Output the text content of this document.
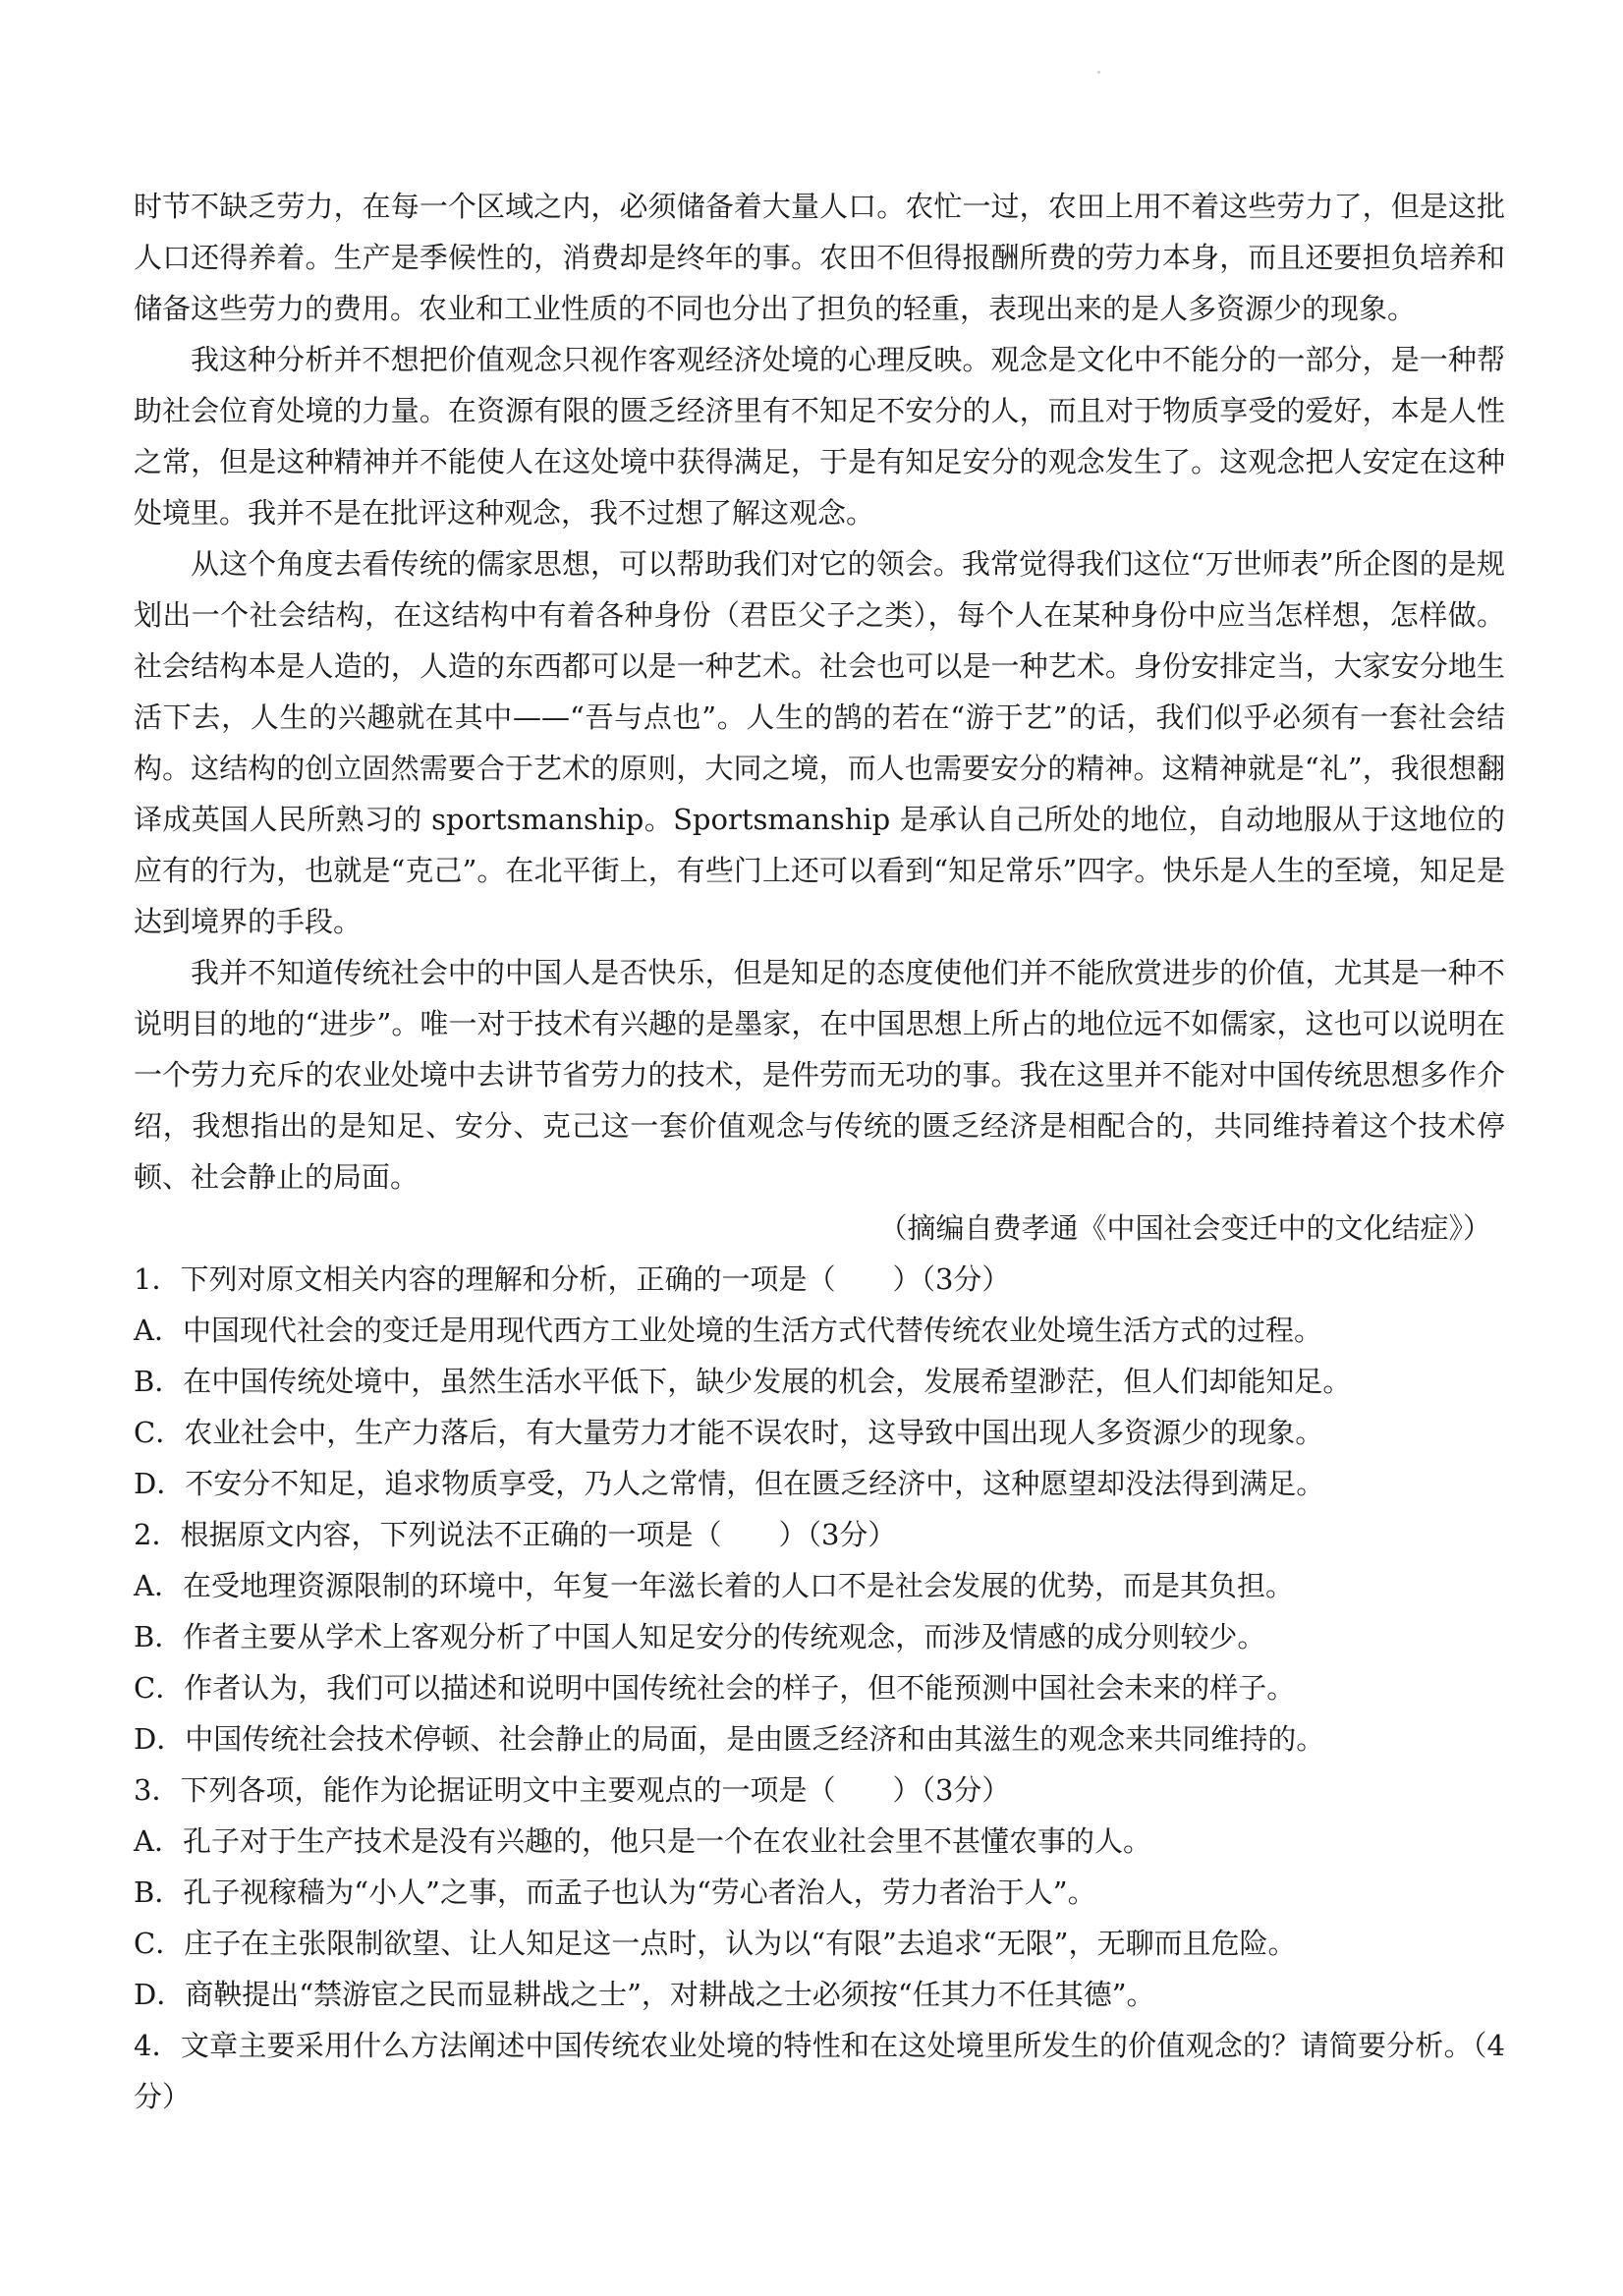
时节不缺乏劳力，在每一个区域之内，必须储备着大量人口。农忙一过，农田上用不着这些劳力了，但是这批人口还得养着。生产是季候性的，消费却是终年的事。农田不但得报酬所费的劳力本身，而且还要担负培养和储备这些劳力的费用。农业和工业性质的不同也分出了担负的轻重，表现出来的是人多资源少的现象。

我这种分析并不想把价值观念只视作客观经济处境的心理反映。观念是文化中不能分的一部分，是一种帮助社会位育处境的力量。在资源有限的匮乏经济里有不知足不安分的人，而且对于物质享受的爱好，本是人性之常，但是这种精神并不能使人在这处境中获得满足，于是有知足安分的观念发生了。这观念把人安定在这种处境里。我并不是在批评这种观念，我不过想了解这观念。

从这个角度去看传统的儒家思想，可以帮助我们对它的领会。我常觉得我们这位“万世师表”所企图的是规划出一个社会结构，在这结构中有着各种身份（君臣父子之类），每个人在某种身份中应当怎样想，怎样做。社会结构本是人造的，人造的东西都可以是一种艺术。社会也可以是一种艺术。身份安排定当，大家安分地生活下去，人生的兴趣就在其中——“吾与点也”。人生的鹄的若在“游于艺”的话，我们似乎必须有一套社会结构。这结构的创立固然需要合于艺术的原则，大同之境，而人也需要安分的精神。这精神就是“礼”，我很想翻译成英国人民所熟习的 sportsmanship。Sportsmanship 是承认自己所处的地位，自动地服从于这地位的应有的行为，也就是“克己”。在北平街上，有些门上还可以看到“知足常乐”四字。快乐是人生的至境，知足是达到境界的手段。

我并不知道传统社会中的中国人是否快乐，但是知足的态度使他们并不能欣赏进步的价值，尤其是一种不说明目的地的“进步”。唯一对于技术有兴趣的是墨家，在中国思想上所占的地位远不如儒家，这也可以说明在一个劳力充斥的农业处境中去讲节省劳力的技术，是件劳而无功的事。我在这里并不能对中国传统思想多作介绍，我想指出的是知足、安分、克己这一套价值观念与传统的匮乏经济是相配合的，共同维持着这个技术停顿、社会静止的局面。

（摘编自费孝通《中国社会变迁中的文化结症》）

1．下列对原文相关内容的理解和分析，正确的一项是（　　）（3分）

A．中国现代社会的变迁是用现代西方工业处境的生活方式代替传统农业处境生活方式的过程。

B．在中国传统处境中，虽然生活水平低下，缺少发展的机会，发展希望渺茫，但人们却能知足。

C．农业社会中，生产力落后，有大量劳力才能不误农时，这导致中国出现人多资源少的现象。

D．不安分不知足，追求物质享受，乃人之常情，但在匮乏经济中，这种愿望却没法得到满足。

2．根据原文内容，下列说法不正确的一项是（　　）（3分）

A．在受地理资源限制的环境中，年复一年滋长着的人口不是社会发展的优势，而是其负担。

B．作者主要从学术上客观分析了中国人知足安分的传统观念，而涉及情感的成分则较少。

C．作者认为，我们可以描述和说明中国传统社会的样子，但不能预测中国社会未来的样子。

D．中国传统社会技术停顿、社会静止的局面，是由匮乏经济和由其滋生的观念来共同维持的。

3．下列各项，能作为论据证明文中主要观点的一项是（　　）（3分）

A．孔子对于生产技术是没有兴趣的，他只是一个在农业社会里不甚懂农事的人。

B．孔子视稼穑为“小人”之事，而孟子也认为“劳心者治人，劳力者治于人”。

C．庄子在主张限制欲望、让人知足这一点时，认为以“有限”去追求“无限”，无聊而且危险。

D．商鞅提出“禁游宦之民而显耕战之士”，对耕战之士必须按“任其力不任其德”。

4．文章主要采用什么方法阐述中国传统农业处境的特性和在这处境里所发生的价值观念的？请简要分析。（4分）
